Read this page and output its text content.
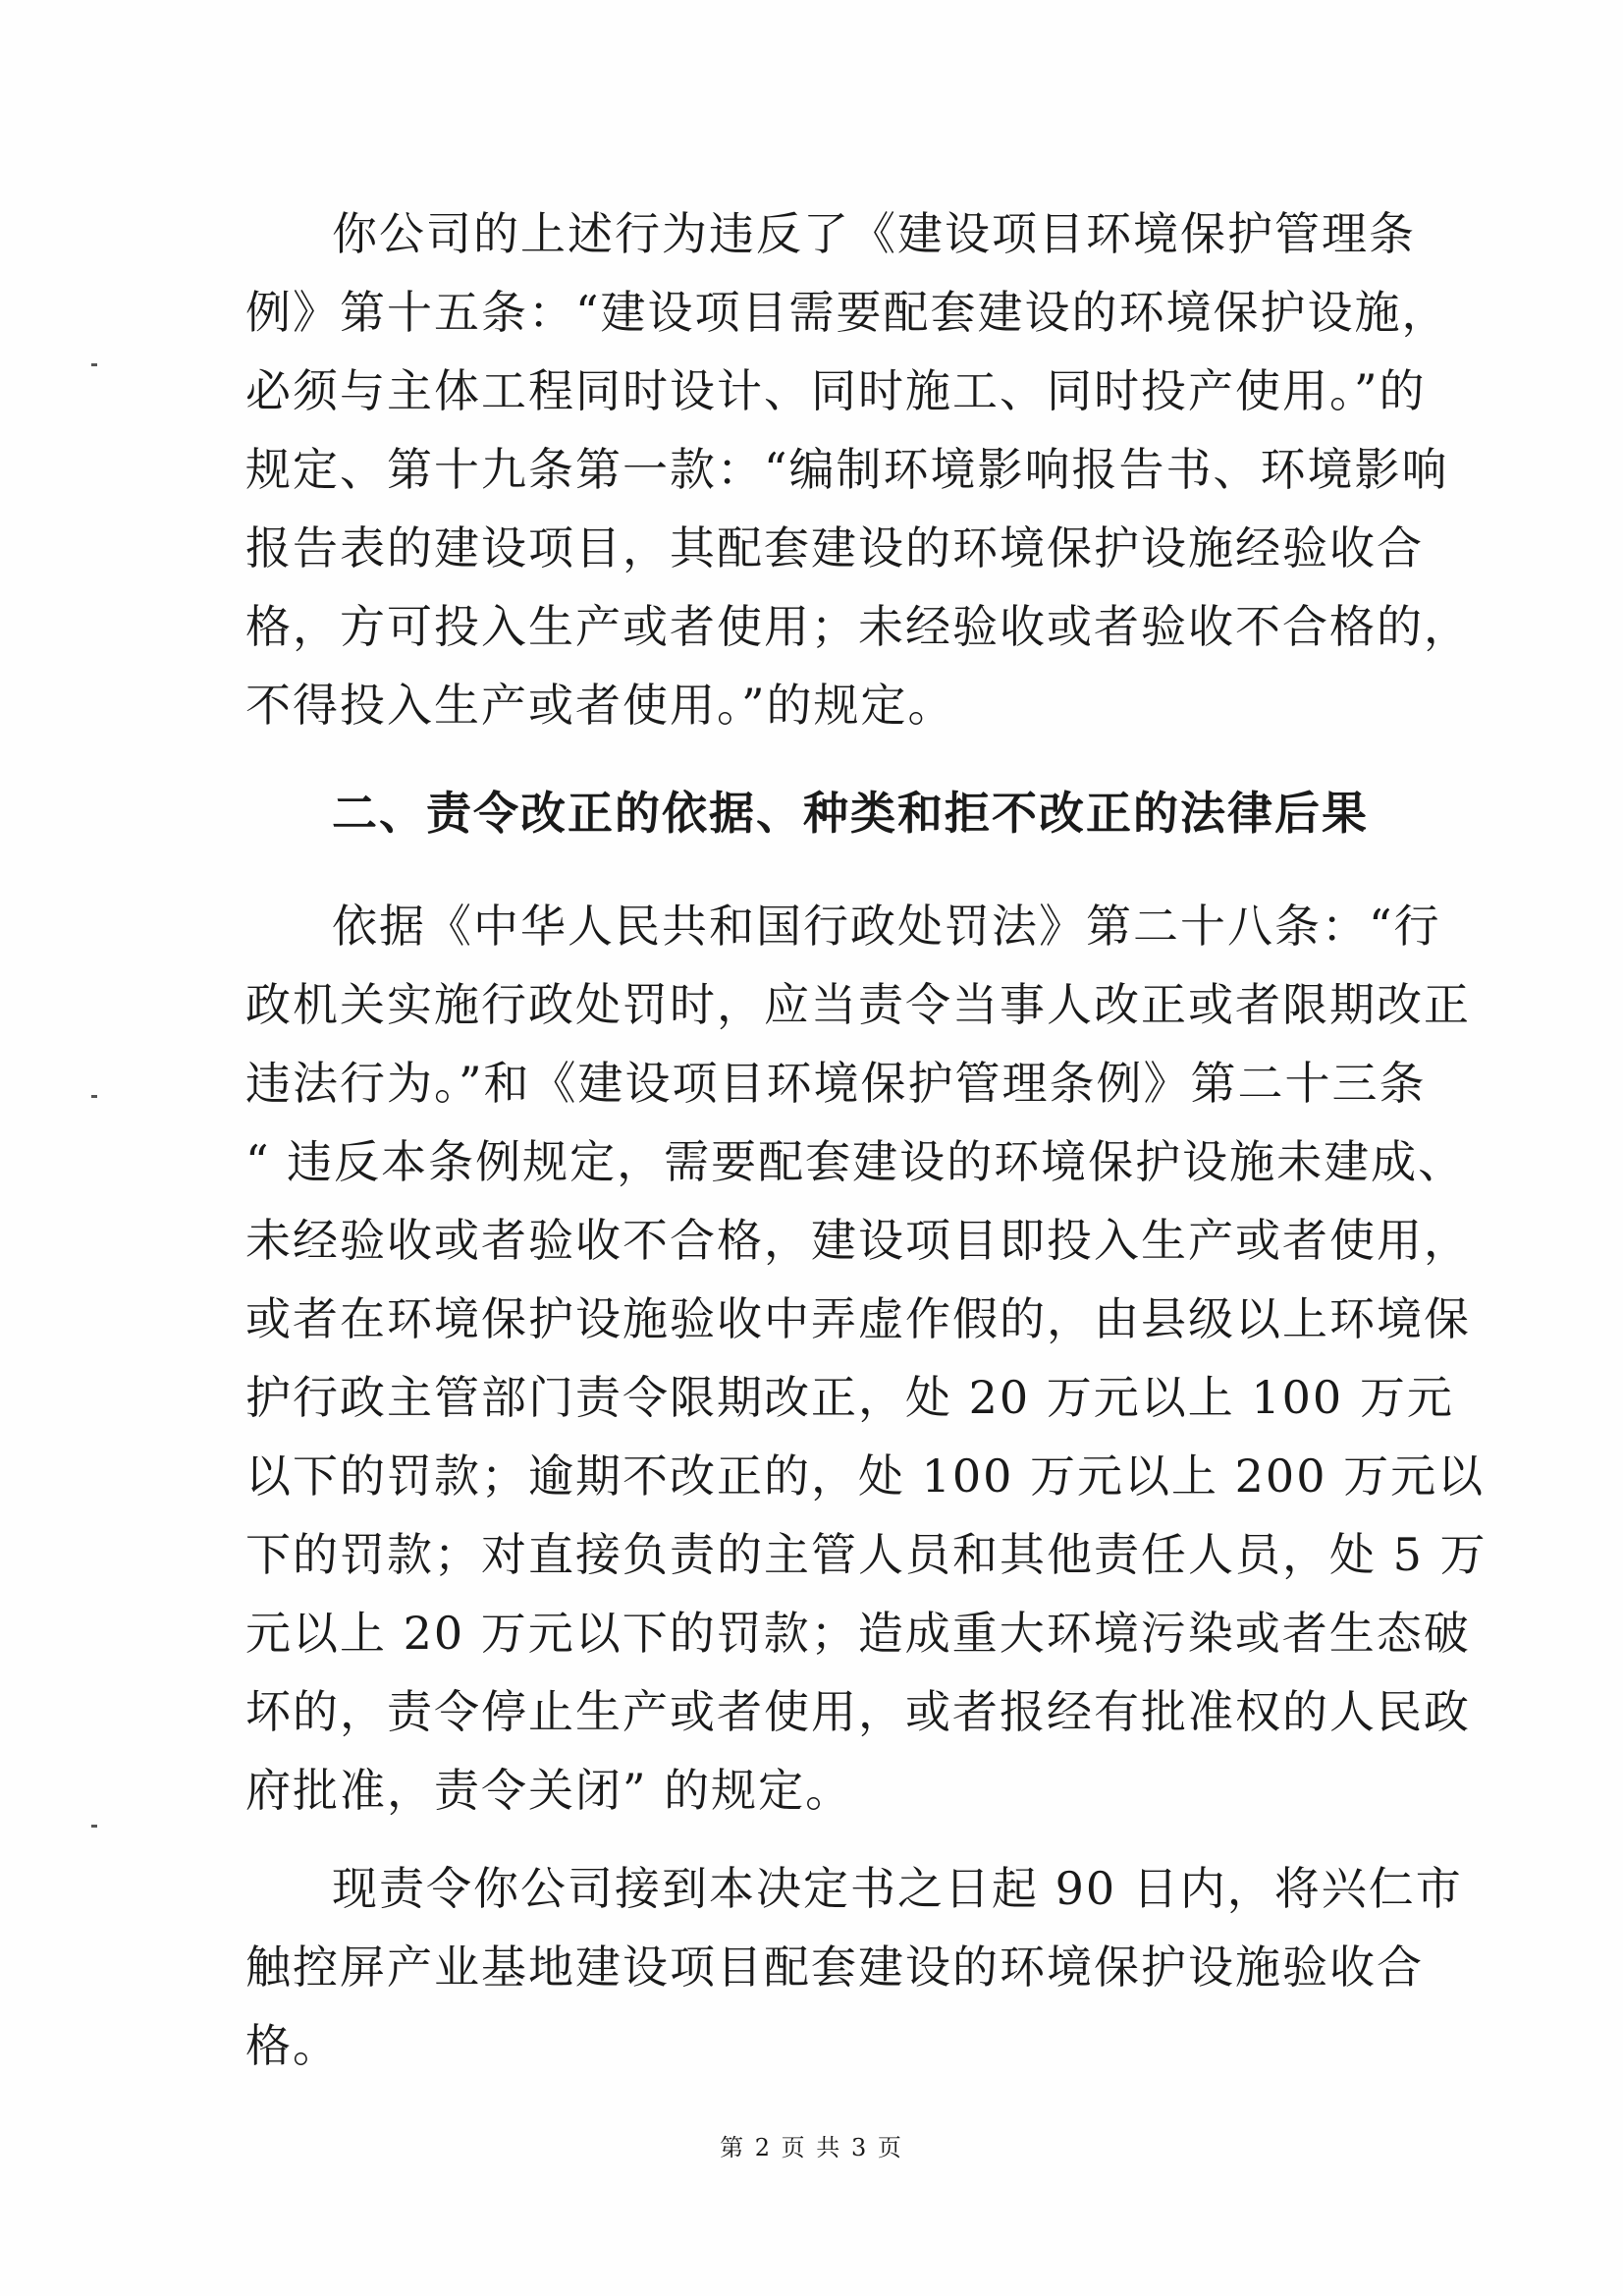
你公司的上述行为违反了《建设项目环境保护管理条
例》第十五条：“建设项目需要配套建设的环境保护设施，
必须与主体工程同时设计、同时施工、同时投产使用。”的
规定、第十九条第一款：“编制环境影响报告书、环境影响
报告表的建设项目，其配套建设的环境保护设施经验收合
格，方可投入生产或者使用；未经验收或者验收不合格的，
不得投入生产或者使用。”的规定。
二、责令改正的依据、种类和拒不改正的法律后果
依据《中华人民共和国行政处罚法》第二十八条：“行
政机关实施行政处罚时，应当责令当事人改正或者限期改正
违法行为。”和《建设项目环境保护管理条例》第二十三条
“ 违反本条例规定，需要配套建设的环境保护设施未建成、
未经验收或者验收不合格，建设项目即投入生产或者使用，
或者在环境保护设施验收中弄虚作假的，由县级以上环境保
护行政主管部门责令限期改正，处 20 万元以上 100 万元
以下的罚款；逾期不改正的，处 100 万元以上 200 万元以
下的罚款；对直接负责的主管人员和其他责任人员，处 5 万
元以上 20 万元以下的罚款；造成重大环境污染或者生态破
坏的，责令停止生产或者使用，或者报经有批准权的人民政
府批准，责令关闭” 的规定。
现责令你公司接到本决定书之日起 90 日内，将兴仁市
触控屏产业基地建设项目配套建设的环境保护设施验收合
格。
第 2 页 共 3 页
